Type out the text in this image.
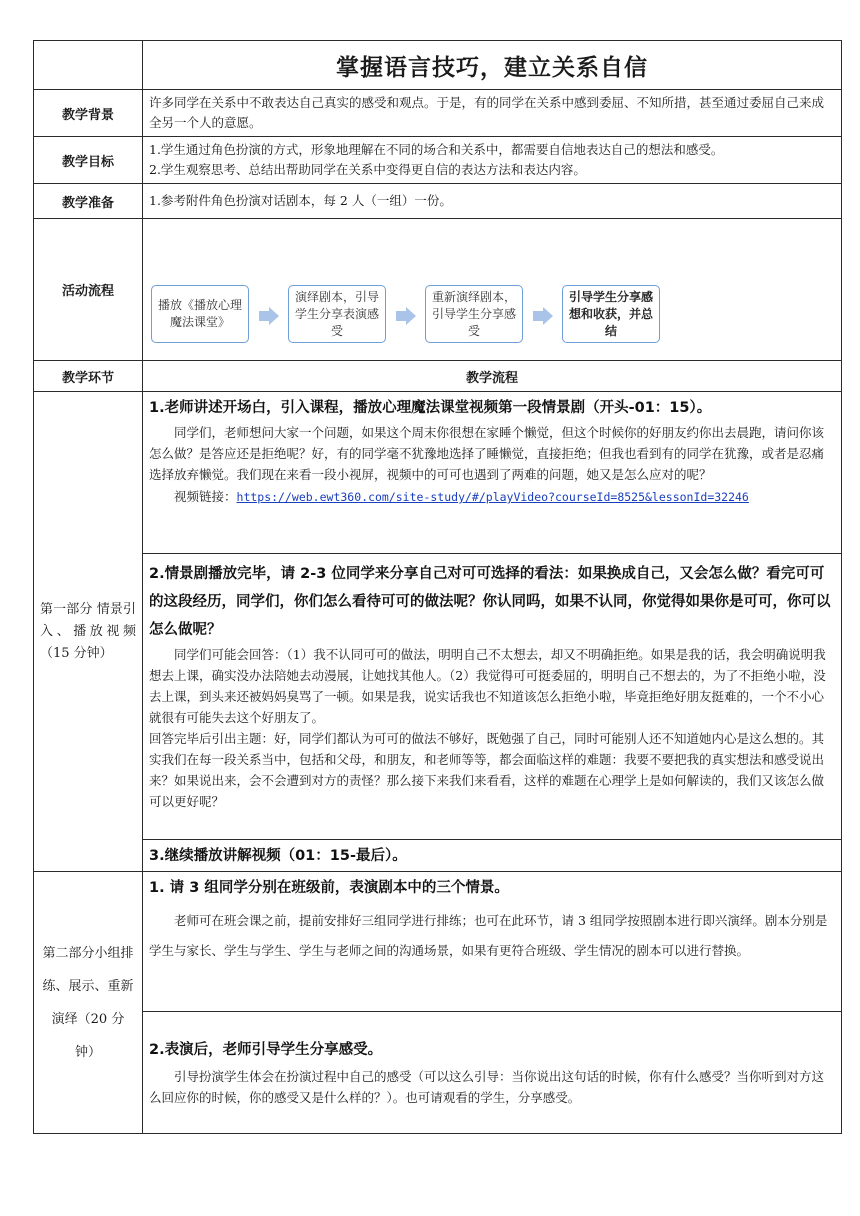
	掌握语言技巧，建立关系自信
教学背景	许多同学在关系中不敢表达自己真实的感受和观点。于是，有的同学在关系中感到委屈、不知所措，甚至通过委屈自己来成全另一个人的意愿。
教学目标	1.学生通过角色扮演的方式，形象地理解在不同的场合和关系中，都需要自信地表达自己的想法和感受。

2.学生观察思考、总结出帮助同学在关系中变得更自信的表达方法和表达内容。

教学准备	1.参考附件角色扮演对话剧本，每 2 人（一组）一份。
活动流程	播放《播放心理魔法课堂》
演绎剧本，引导学生分享表演感受
重新演绎剧本，引导学生分享感受
引导学生分享感想和收获，并总结

教学环节	教学流程
第一部分 情景引入、播放视频（15 分钟）	1.老师讲述开场白，引入课程，播放心理魔法课堂视频第一段情景剧（开头-01：15）。

同学们，老师想问大家一个问题，如果这个周末你很想在家睡个懒觉，但这个时候你的好朋友约你出去晨跑，请问你该怎么做？是答应还是拒绝呢？好，有的同学毫不犹豫地选择了睡懒觉，直接拒绝；但我也看到有的同学在犹豫，或者是忍痛选择放弃懒觉。我们现在来看一段小视屏，视频中的可可也遇到了两难的问题，她又是怎么应对的呢？

视频链接：https://web.ewt360.com/site-study/#/playVideo?courseId=8525&lessonId=32246

	2.情景剧播放完毕，请 2-3 位同学来分享自己对可可选择的看法：如果换成自己，又会怎么做？看完可可的这段经历，同学们，你们怎么看待可可的做法呢？你认同吗，如果不认同，你觉得如果你是可可，你可以怎么做呢？

同学们可能会回答：（1）我不认同可可的做法，明明自己不太想去，却又不明确拒绝。如果是我的话，我会明确说明我想去上课，确实没办法陪她去动漫展，让她找其他人。（2）我觉得可可挺委屈的，明明自己不想去的，为了不拒绝小啦，没去上课，到头来还被妈妈臭骂了一顿。如果是我，说实话我也不知道该怎么拒绝小啦，毕竟拒绝好朋友挺难的，一个不小心就很有可能失去这个好朋友了。

回答完毕后引出主题：好，同学们都认为可可的做法不够好，既勉强了自己，同时可能别人还不知道她内心是这么想的。其实我们在每一段关系当中，包括和父母，和朋友，和老师等等，都会面临这样的难题：我要不要把我的真实想法和感受说出来？如果说出来，会不会遭到对方的责怪？那么接下来我们来看看，这样的难题在心理学上是如何解读的，我们又该怎么做可以更好呢？

	3.继续播放讲解视频（01：15-最后）。

第二部分小组排练、展示、重新演绎（20 分钟）	1. 请 3 组同学分别在班级前，表演剧本中的三个情景。

老师可在班会课之前，提前安排好三组同学进行排练；也可在此环节，请 3 组同学按照剧本进行即兴演绎。剧本分别是学生与家长、学生与学生、学生与老师之间的沟通场景，如果有更符合班级、学生情况的剧本可以进行替换。

	2.表演后，老师引导学生分享感受。

引导扮演学生体会在扮演过程中自己的感受（可以这么引导：当你说出这句话的时候，你有什么感受？当你听到对方这么回应你的时候，你的感受又是什么样的？）。也可请观看的学生，分享感受。
